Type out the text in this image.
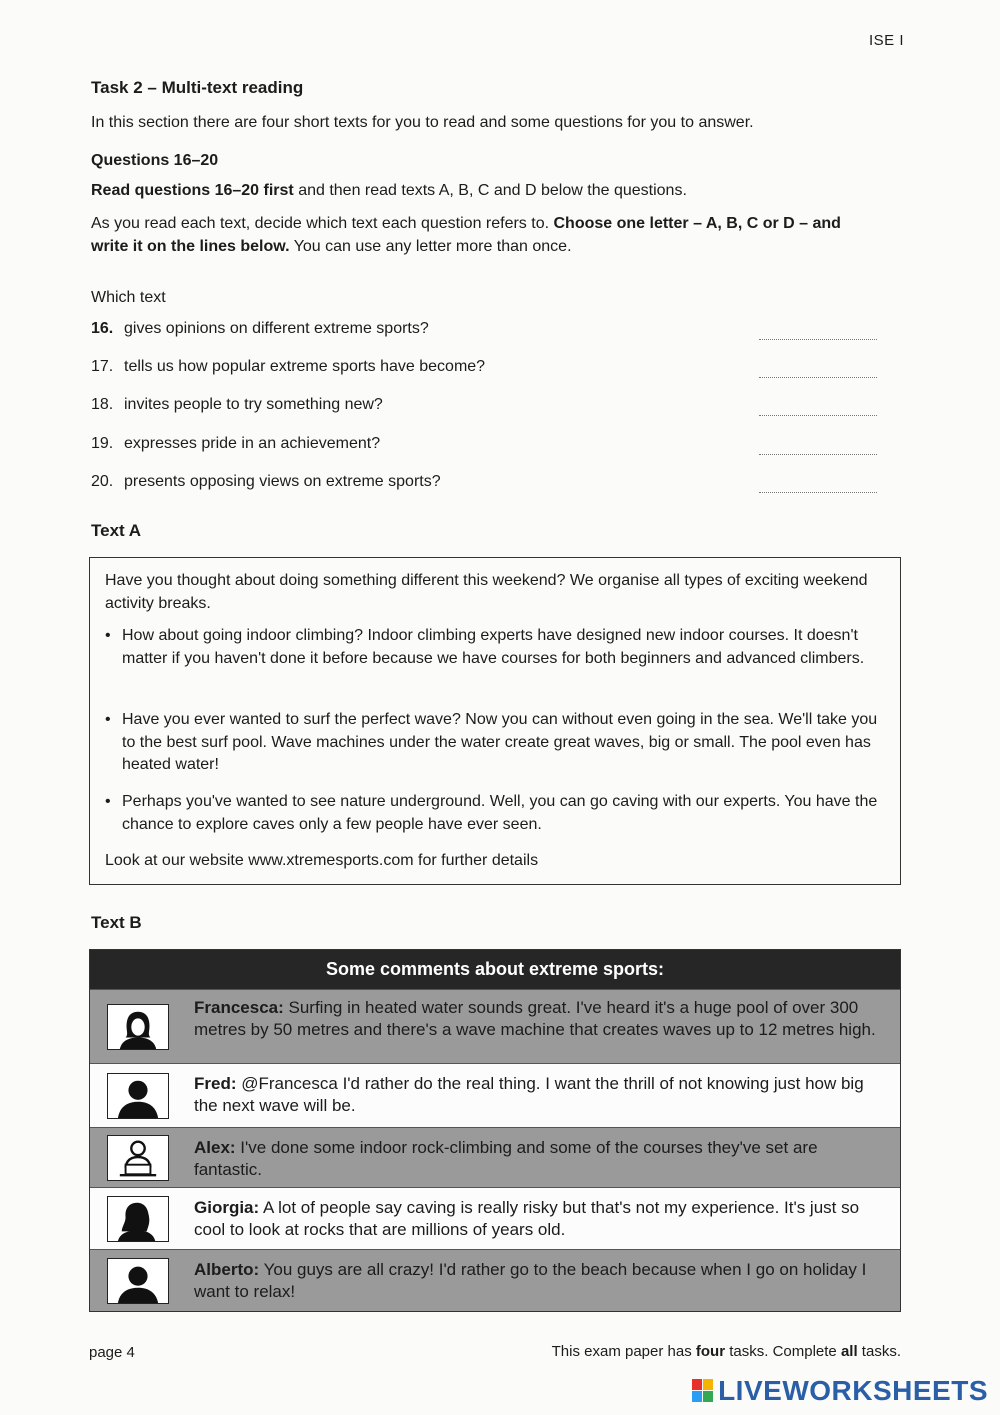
ISE I
Task 2 – Multi-text reading
In this section there are four short texts for you to read and some questions for you to answer.
Questions 16–20
Read questions 16–20 first and then read texts A, B, C and D below the questions.
As you read each text, decide which text each question refers to. Choose one letter – A, B, C or D – and write it on the lines below. You can use any letter more than once.
Which text
16. gives opinions on different extreme sports?
17. tells us how popular extreme sports have become?
18. invites people to try something new?
19. expresses pride in an achievement?
20. presents opposing views on extreme sports?
Text A
Have you thought about doing something different this weekend? We organise all types of exciting weekend activity breaks.
• How about going indoor climbing? Indoor climbing experts have designed new indoor courses. It doesn't matter if you haven't done it before because we have courses for both beginners and advanced climbers.
• Have you ever wanted to surf the perfect wave? Now you can without even going in the sea. We'll take you to the best surf pool. Wave machines under the water create great waves, big or small. The pool even has heated water!
• Perhaps you've wanted to see nature underground. Well, you can go caving with our experts. You have the chance to explore caves only a few people have ever seen.
Look at our website www.xtremesports.com for further details
Text B
Some comments about extreme sports:
Francesca: Surfing in heated water sounds great. I've heard it's a huge pool of over 300 metres by 50 metres and there's a wave machine that creates waves up to 12 metres high.
Fred: @Francesca I'd rather do the real thing. I want the thrill of not knowing just how big the next wave will be.
Alex: I've done some indoor rock-climbing and some of the courses they've set are fantastic.
Giorgia: A lot of people say caving is really risky but that's not my experience. It's just so cool to look at rocks that are millions of years old.
Alberto: You guys are all crazy! I'd rather go to the beach because when I go on holiday I want to relax!
page 4	This exam paper has four tasks. Complete all tasks.
LIVEWORKSHEETS
